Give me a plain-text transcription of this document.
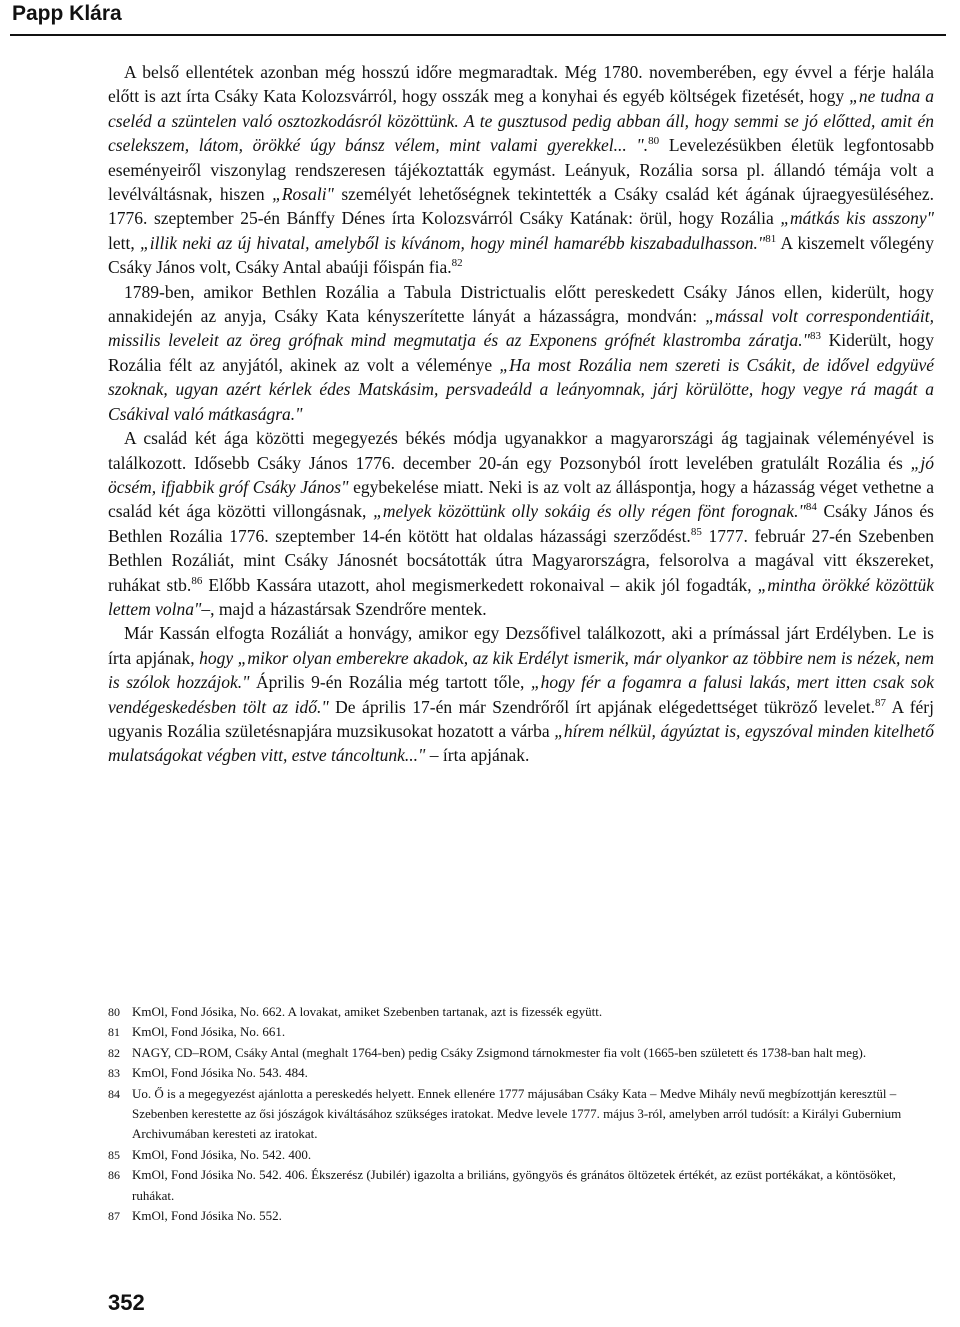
Papp Klára

A belső ellentétek azonban még hosszú időre megmaradtak. Még 1780. novemberében, egy évvel a férje halála előtt is azt írta Csáky Kata Kolozsvárról, hogy osszák meg a konyhai és egyéb költségek fizetését, hogy „ne tudna a cseléd a szüntelen való osztozkodásról közöttünk. A te gusztusod pedig abban áll, hogy semmi se jó előtted, amit én cselekszem, látom, örökké úgy bánsz vélem, mint valami gyerekkel... ".$^{80}$ Levelezésükben életük legfontosabb eseményeiről viszonylag rendszeresen tájékoztatták egymást. Leányuk, Rozália sorsa pl. állandó témája volt a levélváltásnak, hiszen „Rosali" személyét lehetőségnek tekintették a Csáky család két ágának újraegyesüléséhez. 1776. szeptember 25-én Bánffy Dénes írta Kolozsvárról Csáky Katának: örül, hogy Rozália „mátkás kis asszony" lett, „illik neki az új hivatal, amelyből is kívánom, hogy minél hamarébb kiszabadulhasson."$^{81}$ A kiszemelt vőlegény Csáky János volt, Csáky Antal abaúji főispán fia.$^{82}$

1789-ben, amikor Bethlen Rozália a Tabula Districtualis előtt pereskedett Csáky János ellen, kiderült, hogy annakidején az anyja, Csáky Kata kényszerítette lányát a házasságra, mondván: „mással volt correspondentiáit, missilis leveleit az öreg grófnak mind megmutatja és az Exponens grófnét klastromba záratja."$^{83}$ Kiderült, hogy Rozália félt az anyjától, akinek az volt a véleménye „Ha most Rozália nem szereti is Csákit, de idővel edgyüvé szoknak, ugyan azért kérlek édes Matskásim, persvadeáld a leányomnak, járj körülötte, hogy vegye rá magát a Csákival való mátkaságra."

A család két ága közötti megegyezés békés módja ugyanakkor a magyarországi ág tagjainak véleményével is találkozott. Idősebb Csáky János 1776. december 20-án egy Pozsonyból írott levelében gratulált Rozália és „jó öcsém, ifjabbik gróf Csáky János" egybekelése miatt. Neki is az volt az álláspontja, hogy a házasság véget vethetne a család két ága közötti villongásnak, „melyek közöttünk olly sokáig és olly régen fönt forognak."$^{84}$ Csáky János és Bethlen Rozália 1776. szeptember 14-én kötött hat oldalas házassági szerződést.$^{85}$ 1777. február 27-én Szebenben Bethlen Rozáliát, mint Csáky Jánosnét bocsátották útra Magyarországra, felsorolva a magával vitt ékszereket, ruhákat stb.$^{86}$ Előbb Kassára utazott, ahol megismerkedett rokonaival – akik jól fogadták, „mintha örökké közöttük lettem volna"–, majd a házastársak Szendrőre mentek.

Már Kassán elfogta Rozáliát a honvágy, amikor egy Dezsőfivel találkozott, aki a prímással járt Erdélyben. Le is írta apjának, hogy „mikor olyan emberekre akadok, az kik Erdélyt ismerik, már olyankor az többire nem is nézek, nem is szólok hozzájok." Április 9-én Rozália még tartott tőle, „hogy fér a fogamra a falusi lakás, mert itten csak sok vendégeskedésben tölt az idő." De április 17-én már Szendrőről írt apjának elégedettséget tükröző levelet.$^{87}$ A férj ugyanis Rozália születésnapjára muzsikusokat hozatott a várba „hírem nélkül, ágyúztat is, egyszóval minden kitelhető mulatságokat végben vitt, estve táncoltunk..." – írta apjának.

80 KmOl, Fond Jósika, No. 662. A lovakat, amiket Szebenben tartanak, azt is fizessék együtt.
81 KmOl, Fond Jósika, No. 661.
82 NAGY, CD–ROM, Csáky Antal (meghalt 1764-ben) pedig Csáky Zsigmond tárnokmester fia volt (1665-ben született és 1738-ban halt meg).
83 KmOl, Fond Jósika No. 543. 484.
84 Uo. Ő is a megegyezést ajánlotta a pereskedés helyett. Ennek ellenére 1777 májusában Csáky Kata – Medve Mihály nevű megbízottján keresztül – Szebenben kerestette az ősi jószágok kiváltásához szükséges iratokat. Medve levele 1777. május 3-ról, amelyben arról tudósít: a Királyi Gubernium Archivumában keresteti az iratokat.
85 KmOl, Fond Jósika, No. 542. 400.
86 KmOl, Fond Jósika No. 542. 406. Ékszerész (Jubilér) igazolta a briliáns, gyöngyös és gránátos öltözetek értékét, az ezüst portékákat, a köntösöket, ruhákat.
87 KmOl, Fond Jósika No. 552.
352
